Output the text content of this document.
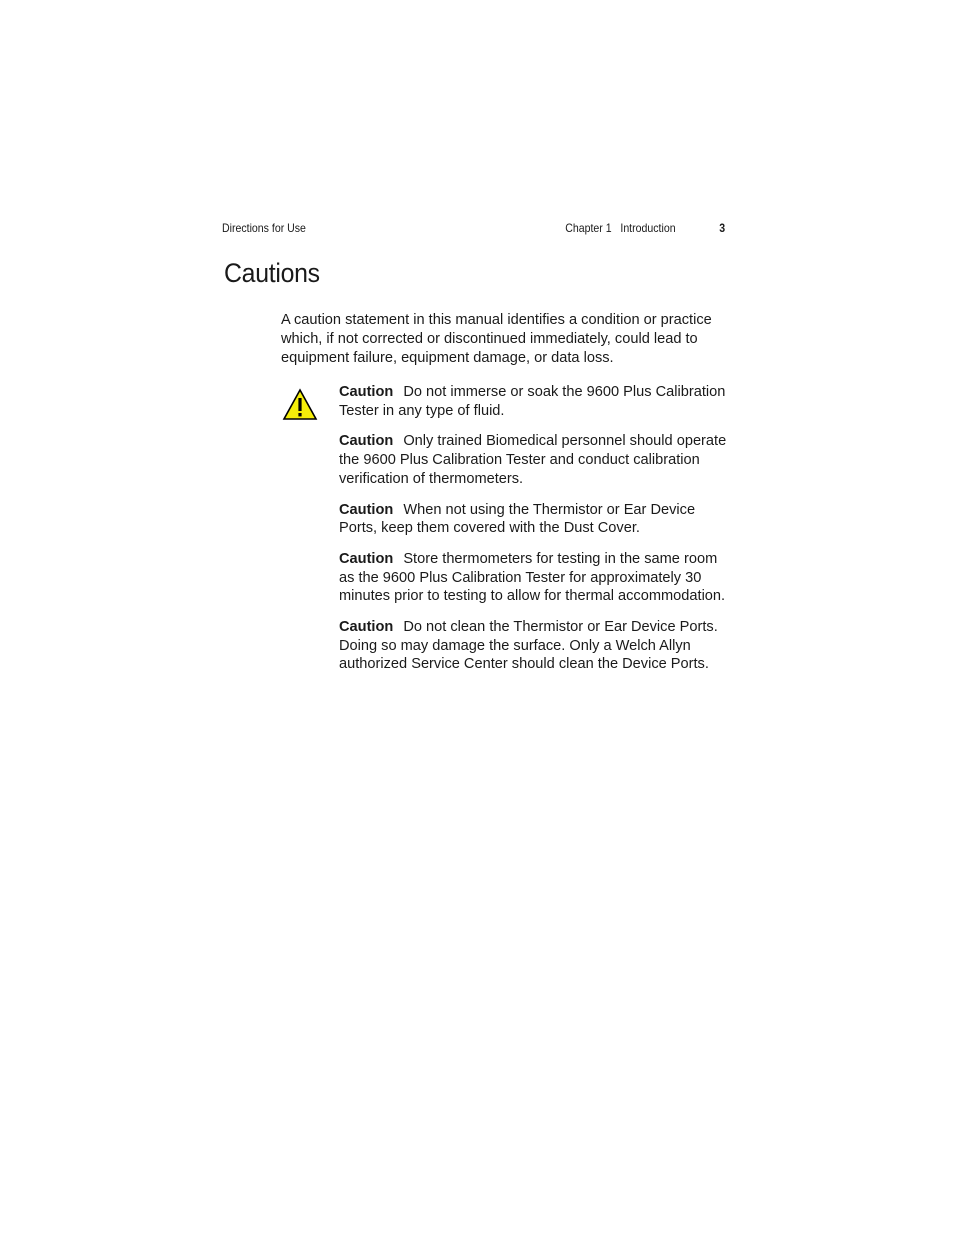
Directions for Use	Chapter 1 Introduction	3
Cautions

A caution statement in this manual identifies a condition or practice which, if not corrected or discontinued immediately, could lead to equipment failure, equipment damage, or data loss.

Caution Do not immerse or soak the 9600 Plus Calibration Tester in any type of fluid.

Caution Only trained Biomedical personnel should operate the 9600 Plus Calibration Tester and conduct calibration verification of thermometers.

Caution When not using the Thermistor or Ear Device Ports, keep them covered with the Dust Cover.

Caution Store thermometers for testing in the same room as the 9600 Plus Calibration Tester for approximately 30 minutes prior to testing to allow for thermal accommodation.

Caution Do not clean the Thermistor or Ear Device Ports. Doing so may damage the surface. Only a Welch Allyn authorized Service Center should clean the Device Ports.
